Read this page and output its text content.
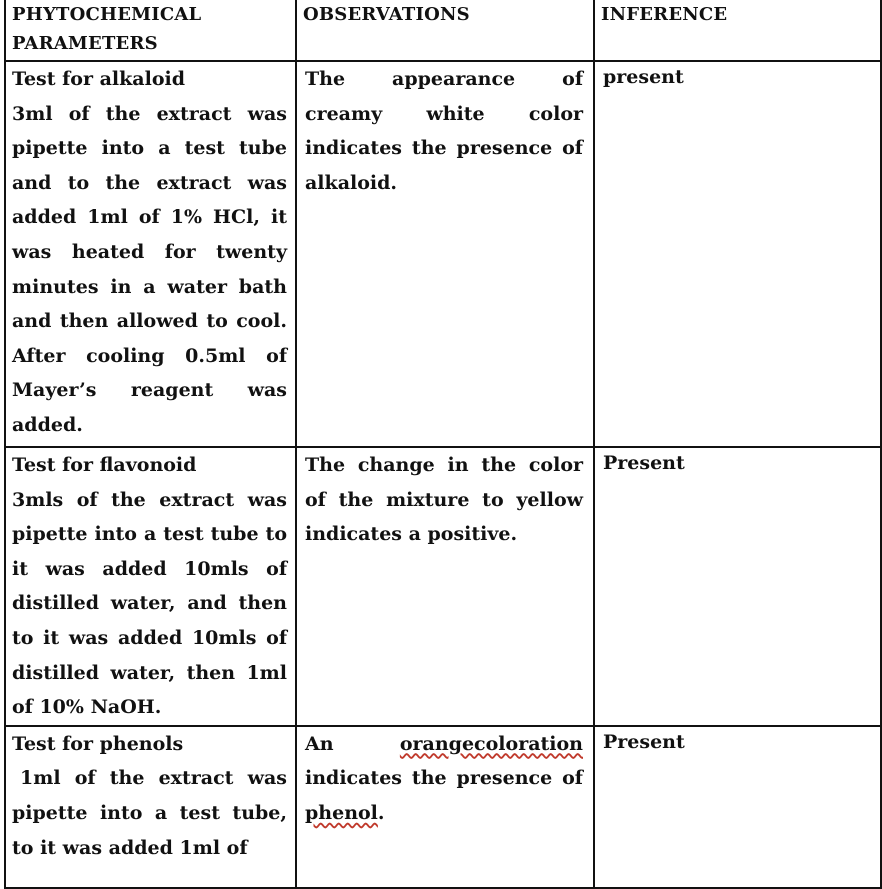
PHYTOCHEMICAL PARAMETERS	OBSERVATIONS	INFERENCE

Test for alkaloid
3ml of the extract was pipette into a test tube and to the extract was added 1ml of 1% HCl, it was heated for twenty minutes in a water bath and then allowed to cool. After cooling 0.5ml of Mayer’s reagent was added.	The appearance of creamy white color indicates the presence of alkaloid.	present

Test for flavonoid
3mls of the extract was pipette into a test tube to it was added 10mls of distilled water, and then to it was added 10mls of distilled water, then 1ml of 10% NaOH.	The change in the color of the mixture to yellow indicates a positive.	Present

Test for phenols
1ml of the extract was pipette into a test tube, to it was added 1ml of	An orangecoloration indicates the presence of phenol.	Present
